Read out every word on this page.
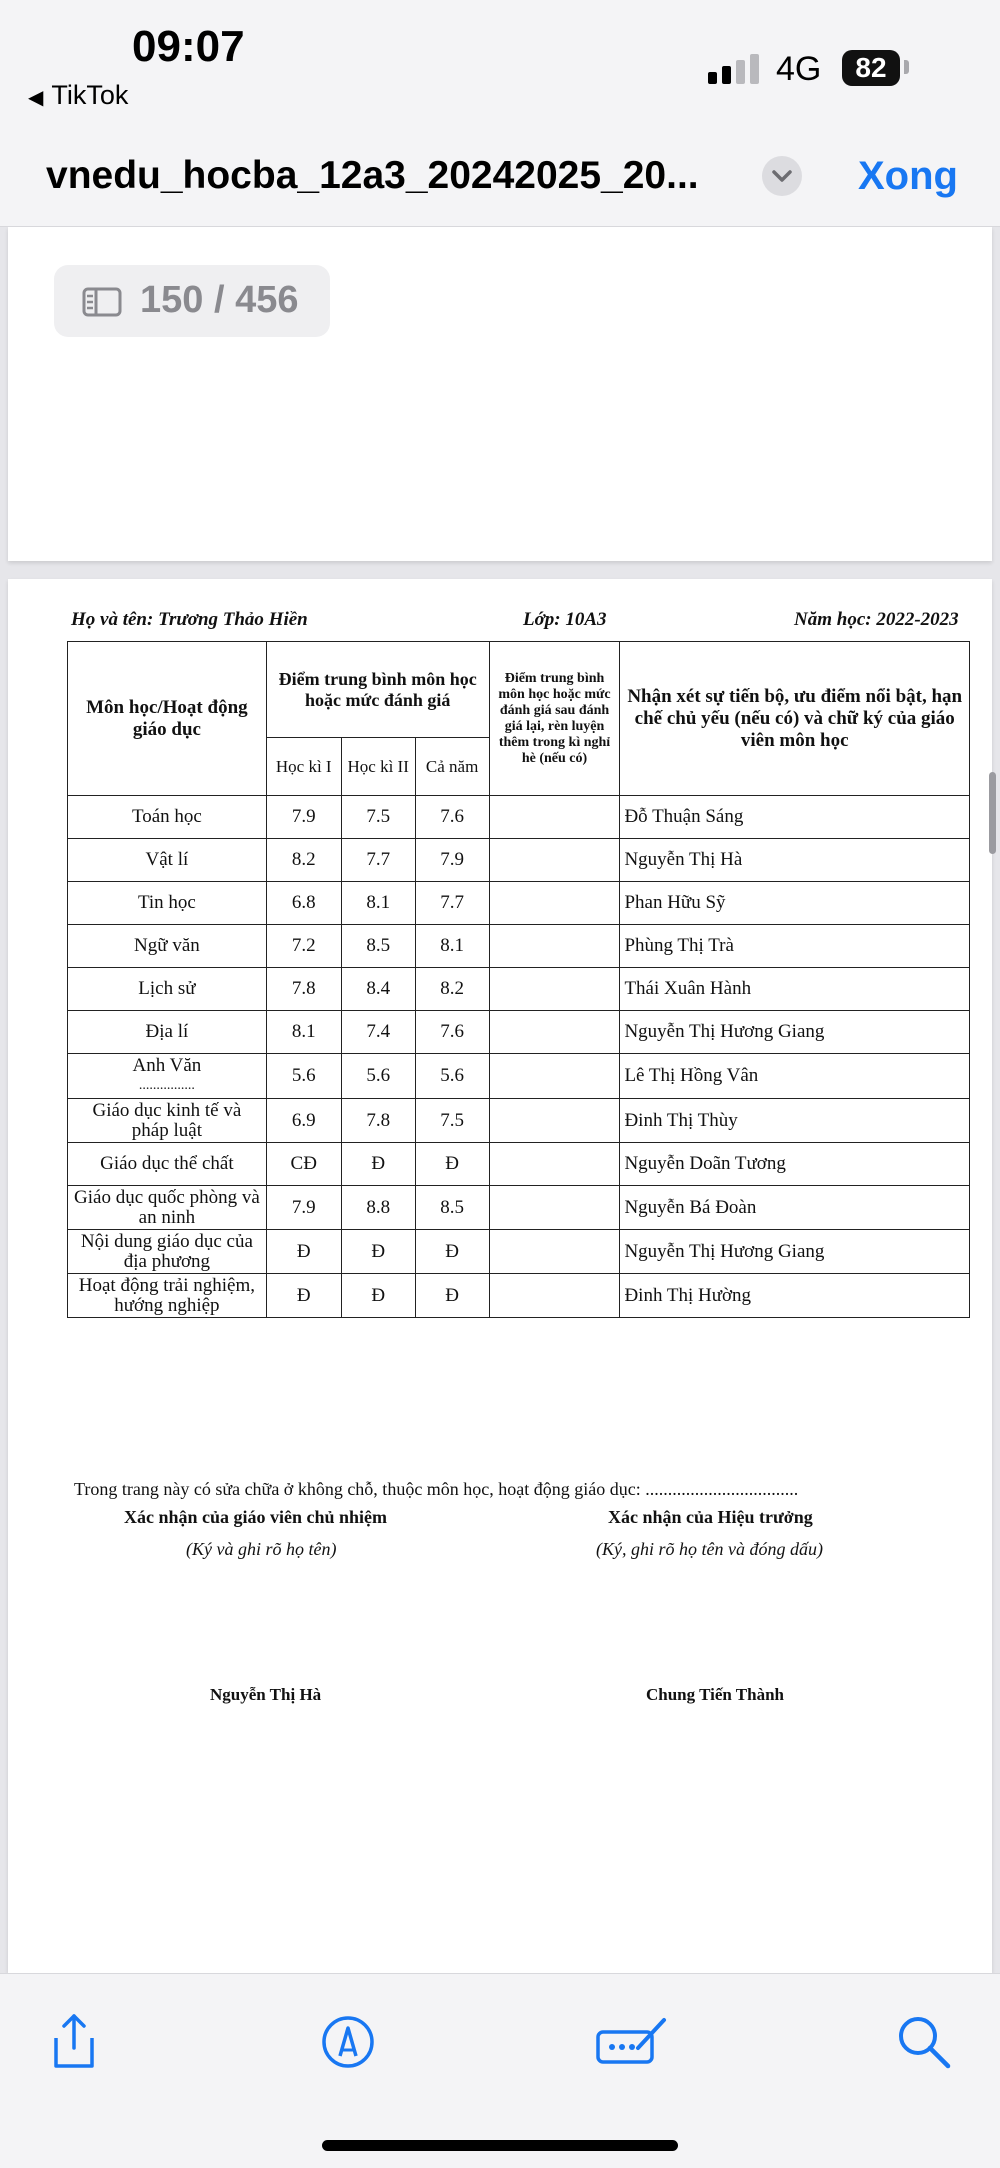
09:07
◀ TikTok
4G	82
vnedu_hocba_12a3_20242025_20...	Xong
150 / 456
Họ và tên: Trương Thảo Hiền	Lớp: 10A3	Năm học: 2022-2023
Môn học/Hoạt động giáo dục	Điểm trung bình môn học hoặc mức đánh giá			Điểm trung bình môn học hoặc mức đánh giá sau đánh giá lại, rèn luyện thêm trong kì nghỉ hè (nếu có)	Nhận xét sự tiến bộ, ưu điểm nổi bật, hạn chế chủ yếu (nếu có) và chữ ký của giáo viên môn học
	Học kì I	Học kì II	Cả năm		

Toán học	7.9	7.5	7.6		Đỗ Thuận Sáng

Vật lí	8.2	7.7	7.9		Nguyễn Thị Hà

Tin học	6.8	8.1	7.7		Phan Hữu Sỹ

Ngữ văn	7.2	8.5	8.1		Phùng Thị Trà

Lịch sử	7.8	8.4	8.2		Thái Xuân Hành

Địa lí	8.1	7.4	7.6		Nguyễn Thị Hương Giang

Anh Văn
................	5.6	5.6	5.6		Lê Thị Hồng Vân

Giáo dục kinh tế và pháp luật	6.9	7.8	7.5		Đinh Thị Thùy

Giáo dục thể chất	CĐ	Đ	Đ		Nguyễn Doãn Tương

Giáo dục quốc phòng và an ninh	7.9	8.8	8.5		Nguyễn Bá Đoàn

Nội dung giáo dục của địa phương	Đ	Đ	Đ		Nguyễn Thị Hương Giang

Hoạt động trải nghiệm, hướng nghiệp	Đ	Đ	Đ		Đinh Thị Hường
Trong trang này có sửa chữa ở không chỗ, thuộc môn học, hoạt động giáo dục: ..................................
Xác nhận của giáo viên chủ nhiệm
(Ký và ghi rõ họ tên)
Xác nhận của Hiệu trưởng
(Ký, ghi rõ họ tên và đóng dấu)
Nguyễn Thị Hà	Chung Tiến Thành
